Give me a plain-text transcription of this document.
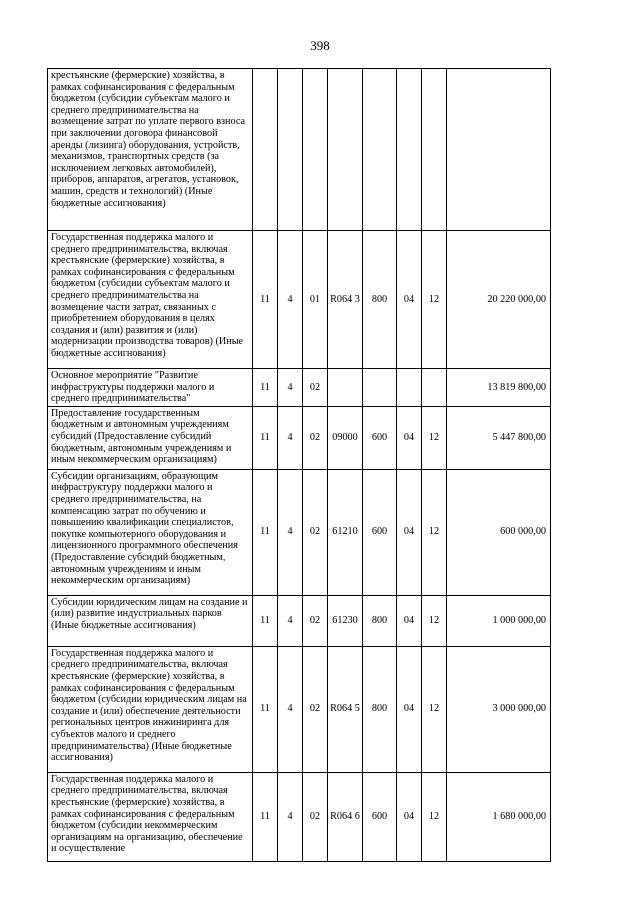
398
крестьянские (фермерские) хозяйства, в рамках софинансирования с федеральным бюджетом (субсидии субъектам малого и среднего предпринимательства на возмещение затрат по уплате первого взноса при заключении договора финансовой аренды (лизинга) оборудования, устройств, механизмов, транспортных средств (за исключением легковых автомобилей), приборов, аппаратов, агрегатов, установок, машин, средств и технологий) (Иные бюджетные ассигнования)								
Государственная поддержка малого и среднего предпринимательства, включая крестьянские (фермерские) хозяйства, в рамках софинансирования с федеральным бюджетом (субсидии субъектам малого и среднего предпринимательства на возмещение части затрат, связанных с приобретением оборудования в целях создания и (или) развития и (или) модернизации производства товаров) (Иные бюджетные ассигнования)	11	4	01	R064 3	800	04	12	20 220 000,00
Основное мероприятие "Развитие инфраструктуры поддержки малого и среднего предпринимательства"	11	4	02					13 819 800,00
Предоставление государственным бюджетным и автономным учреждениям субсидий (Предоставление субсидий бюджетным, автономным учреждениям и иным некоммерческим организациям)	11	4	02	09000	600	04	12	5 447 800,00
Субсидии организациям, образующим инфраструктуру поддержки малого и среднего предпринимательства, на компенсацию затрат по обучению и повышению квалификации специалистов, покупке компьютерного оборудования и лицензионного программного обеспечения (Предоставление субсидий бюджетным, автономным учреждениям и иным некоммерческим организациям)	11	4	02	61210	600	04	12	600 000,00
Субсидии юридическим лицам на создание и (или) развитие индустриальных парков (Иные бюджетные ассигнования)	11	4	02	61230	800	04	12	1 000 000,00
Государственная поддержка малого и среднего предпринимательства, включая крестьянские (фермерские) хозяйства, в рамках софинансирования с федеральным бюджетом (субсидии юридическим лицам на создание и (или) обеспечение деятельности региональных центров инжиниринга для субъектов малого и среднего предпринимательства) (Иные бюджетные ассигнования)	11	4	02	R064 5	800	04	12	3 000 000,00
Государственная поддержка малого и среднего предпринимательства, включая крестьянские (фермерские) хозяйства, в рамках софинансирования с федеральным бюджетом (субсидии некоммерческим организациям на организацию, обеспечение и осуществление	11	4	02	R064 6	600	04	12	1 680 000,00
